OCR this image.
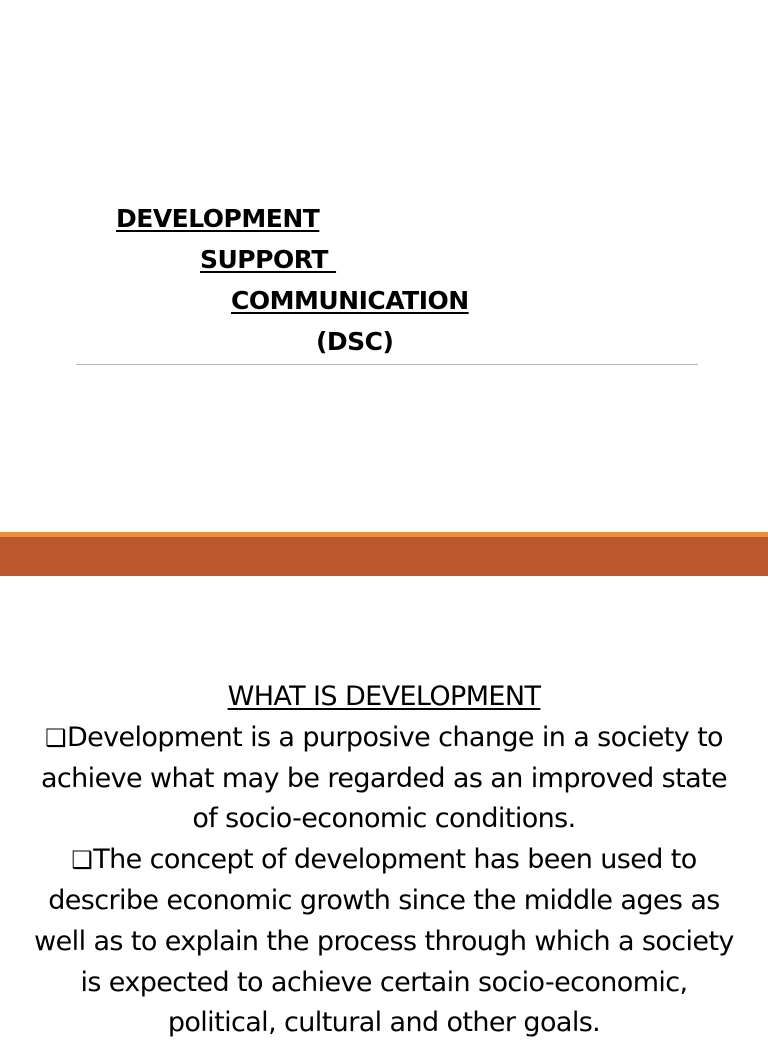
DEVELOPMENT
SUPPORT
COMMUNICATION
(DSC)
WHAT IS DEVELOPMENT
❑Development is a purposive change in a society to achieve what may be regarded as an improved state of socio-economic conditions.
❑The concept of development has been used to describe economic growth since the middle ages as well as to explain the process through which a society is expected to achieve certain socio-economic, political, cultural and other goals.
